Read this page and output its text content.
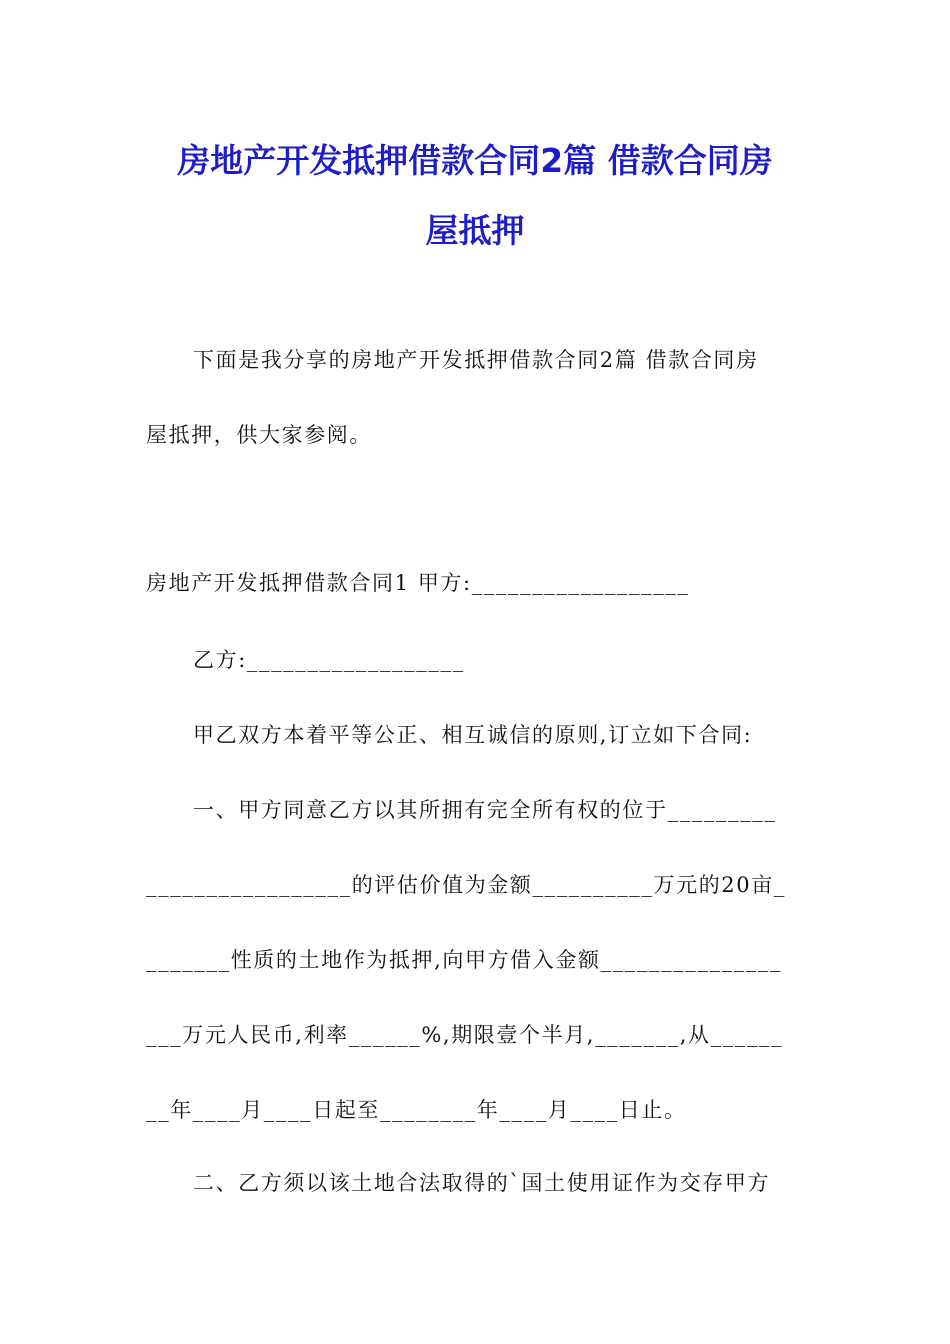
房地产开发抵押借款合同2篇 借款合同房
屋抵押
下面是我分享的房地产开发抵押借款合同2篇 借款合同房
屋抵押，供大家参阅。
房地产开发抵押借款合同1 甲方:__________________
乙方:__________________
甲乙双方本着平等公正、相互诚信的原则,订立如下合同:
一、甲方同意乙方以其所拥有完全所有权的位于_________
_________________的评估价值为金额__________万元的20亩_
_______性质的土地作为抵押,向甲方借入金额_______________
___万元人民币,利率______%,期限壹个半月,_______,从______
__年____月____日起至________年____月____日止。
二、乙方须以该土地合法取得的`国土使用证作为交存甲方
